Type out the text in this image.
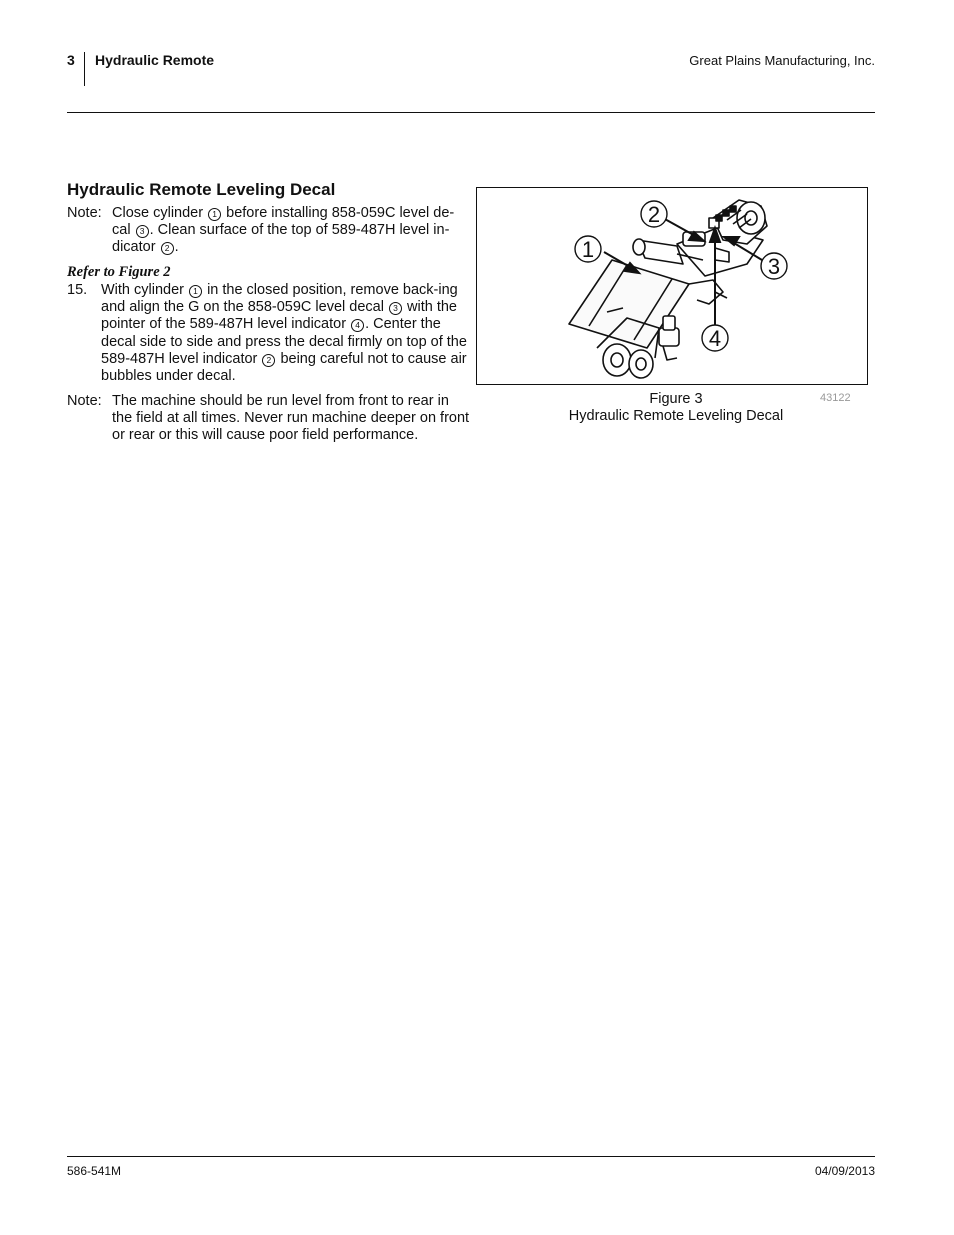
3 Hydraulic Remote	Great Plains Manufacturing, Inc.
Hydraulic Remote Leveling Decal
Note: Close cylinder 1 before installing 858-059C level de-cal 3 . Clean surface of the top of 589-487H level in-dicator 2 .
Refer to Figure 2
15. With cylinder 1 in the closed position, remove back-ing and align the G on the 858-059C level decal 3 with the pointer of the 589-487H level indicator 4 . Center the decal side to side and press the decal firmly on top of the 589-487H level indicator 2 being careful not to cause air bubbles under decal.
Note: The machine should be run level from front to rear in the field at all times. Never run machine deeper on front or rear or this will cause poor field performance.
1
2
3
4
Figure 3
Hydraulic Remote Leveling Decal
43122
586-541M	04/09/2013
